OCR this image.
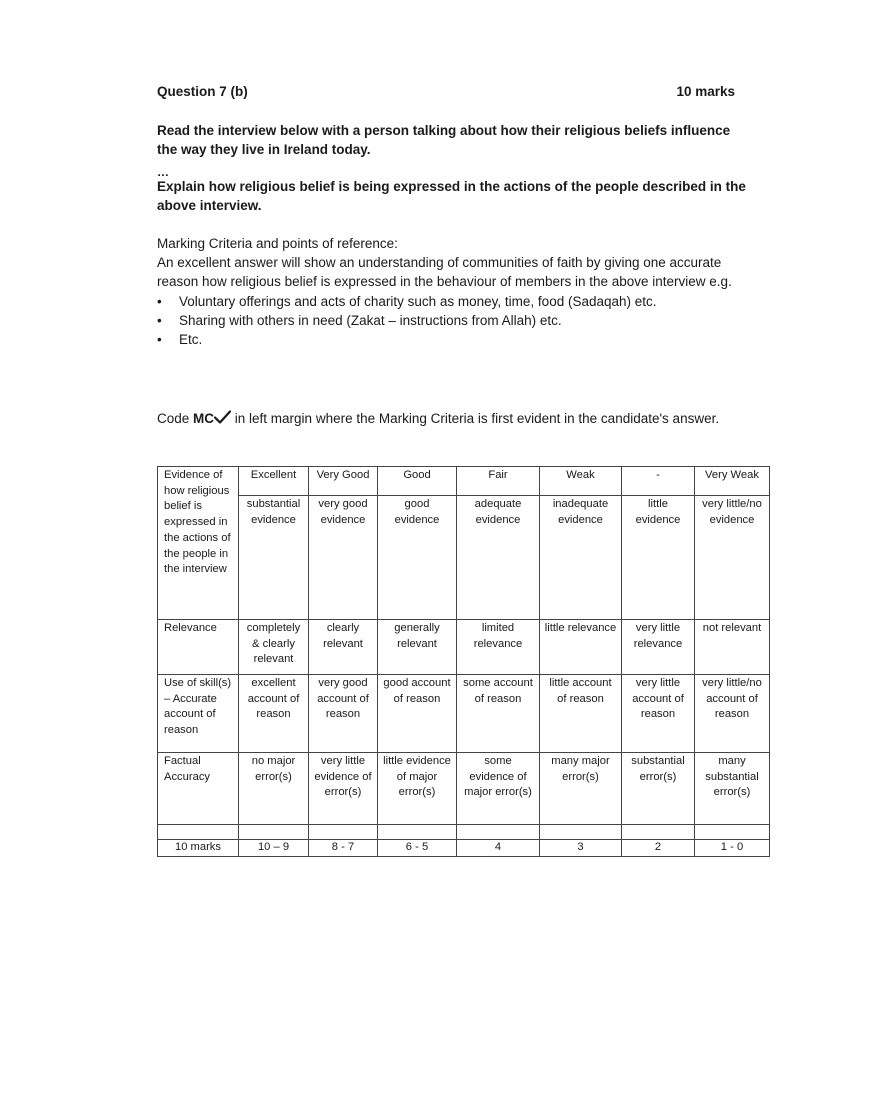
Question 7 (b)	10 marks
Read the interview below with a person talking about how their religious beliefs influence the way they live in Ireland today.
…
Explain how religious belief is being expressed in the actions of the people described in the above interview.

Marking Criteria and points of reference:

An excellent answer will show an understanding of communities of faith by giving one accurate reason how religious belief is expressed in the behaviour of members in the above interview e.g.

• Voluntary offerings and acts of charity such as money, time, food (Sadaqah) etc.
• Sharing with others in need (Zakat – instructions from Allah) etc.
• Etc.
Code MC in left margin where the Marking Criteria is first evident in the candidate's answer.
Evidence of how religious belief is expressed in the actions of the people in the interview	Excellent	Very Good	Good	Fair	Weak	-	Very Weak
	substantial evidence	very good evidence	good evidence	adequate evidence	inadequate evidence	little evidence	very little/no evidence
Relevance	completely & clearly relevant	clearly relevant	generally relevant	limited relevance	little relevance	very little relevance	not relevant
Use of skill(s) – Accurate account of reason	excellent account of reason	very good account of reason	good account of reason	some account of reason	little account of reason	very little account of reason	very little/no account of reason
Factual Accuracy	no major error(s)	very little evidence of error(s)	little evidence of major error(s)	some evidence of major error(s)	many major error(s)	substantial error(s)	many substantial error(s)

10 marks	10 – 9	8 - 7	6 - 5	4	3	2	1 - 0
